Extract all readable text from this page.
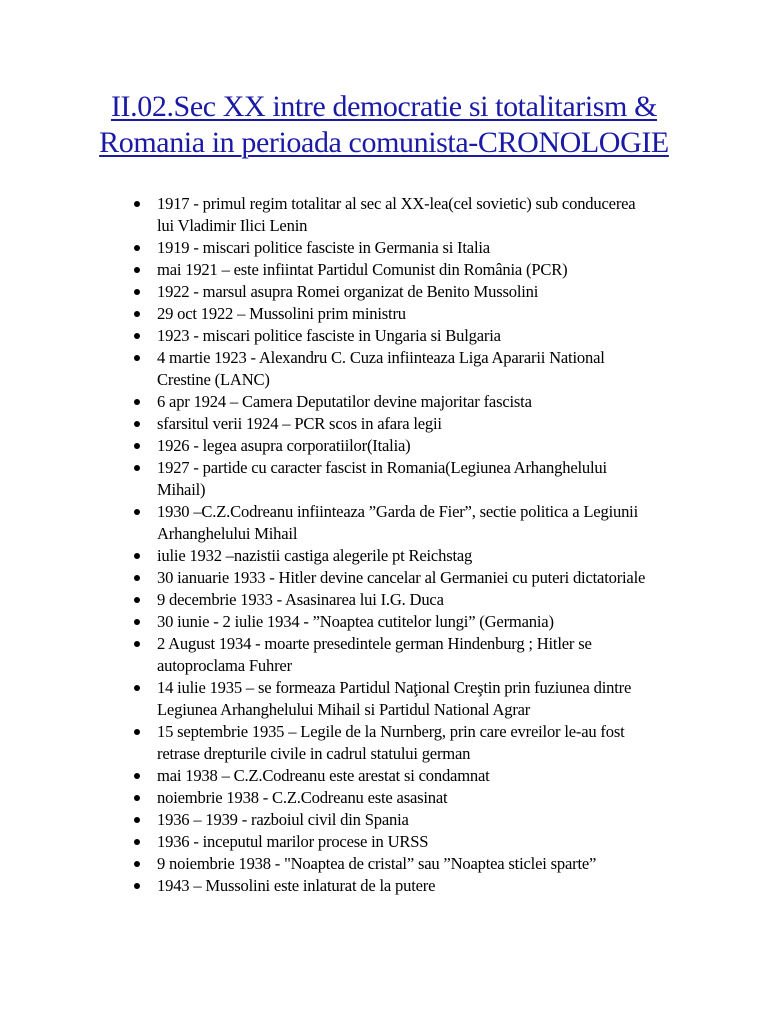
II.02.Sec XX intre democratie si totalitarism &
Romania in perioada comunista-CRONOLOGIE
1917 - primul regim totalitar al sec al XX-lea(cel sovietic) sub conducerea
lui Vladimir Ilici Lenin
1919 - miscari politice fasciste in Germania si Italia
mai 1921 – este infiintat Partidul Comunist din România (PCR)
1922 - marsul asupra Romei organizat de Benito Mussolini
29 oct 1922 – Mussolini prim ministru
1923 - miscari politice fasciste in Ungaria si Bulgaria
4 martie 1923 - Alexandru C. Cuza infiinteaza Liga Apararii National
Crestine (LANC)
6 apr 1924 – Camera Deputatilor devine majoritar fascista
sfarsitul verii 1924 – PCR scos in afara legii
1926 - legea asupra corporatiilor(Italia)
1927 - partide cu caracter fascist in Romania(Legiunea Arhanghelului
Mihail)
1930 –C.Z.Codreanu infiinteaza ”Garda de Fier”, sectie politica a Legiunii
Arhanghelului Mihail
iulie 1932 –nazistii castiga alegerile pt Reichstag
30 ianuarie 1933 - Hitler devine cancelar al Germaniei cu puteri dictatoriale
9 decembrie 1933 - Asasinarea lui I.G. Duca
30 iunie - 2 iulie 1934 - ”Noaptea cutitelor lungi” (Germania)
2 August 1934 - moarte presedintele german Hindenburg ; Hitler se
autoproclama Fuhrer
14 iulie 1935 – se formeaza Partidul Naţional Creştin prin fuziunea dintre
Legiunea Arhanghelului Mihail si Partidul National Agrar
15 septembrie 1935 – Legile de la Nurnberg, prin care evreilor le-au fost
retrase drepturile civile in cadrul statului german
mai 1938 – C.Z.Codreanu este arestat si condamnat
noiembrie 1938 - C.Z.Codreanu este asasinat
1936 – 1939 - razboiul civil din Spania
1936 - inceputul marilor procese in URSS
9 noiembrie 1938 - "Noaptea de cristal” sau ”Noaptea sticlei sparte”
1943 – Mussolini este inlaturat de la putere
